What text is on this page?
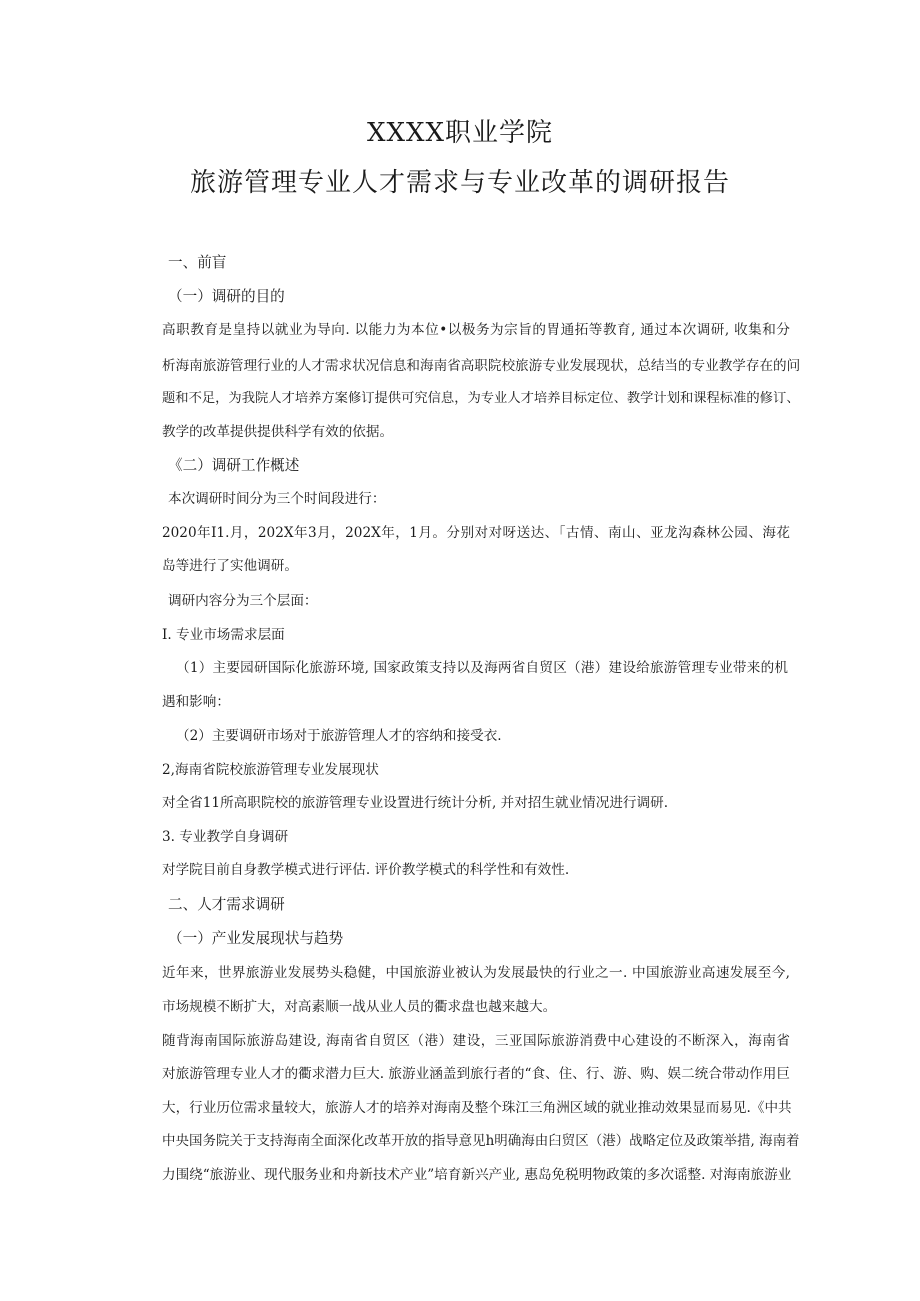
XXXX职业学院
旅游管理专业人才需求与专业改革的调研报告
一、前盲
（一）调研的目的
高职教育是皇持以就业为导向. 以能力为本位•以极务为宗旨的胃通拓等教育, 通过本次调研, 收集和分
析海南旅游管理行业的人才需求状况信息和海南省高职院校旅游专业发展现状，总结当的专业教学存在的问
题和不足，为我院人才培养方案修订提供可究信息，为专业人才培养目标定位、教学计划和课程标准的修订、
教学的改革提供提供科学有效的依据。
《二）调研工作概述
本次调研时间分为三个时间段进行：
2020年I1.月，202X年3月，202X年，1月。分别对对呀送达、「古情、南山、亚龙沟森林公园、海花
岛等进行了实他调研。
调研内容分为三个层面：
I. 专业市场需求层面
（1）主要园研国际化旅游环境, 国家政策支持以及海两省自贸区（港）建设给旅游管理专业带来的机
遇和影响：
（2）主要调研市场对于旅游管理人才的容纳和接受衣.
2,海南省院校旅游管理专业发展现状
对全省11所高职院校的旅游管理专业设置进行统计分析, 并对招生就业情况进行调研.
3. 专业教学自身调研
对学院目前自身教学模式进行评估. 评价教学模式的科学性和有效性.
二、人才需求调研
（一）产业发展现状与趋势
近年来，世界旅游业发展势头稳健，中国旅游业被认为发展最快的行业之一. 中国旅游业高速发展至今,
市场规模不断扩大，对高素顺一战从业人员的衢求盘也越来越大。
随背海南国际旅游岛建设, 海南省自贸区（港）建设，三亚国际旅游消费中心建设的不断深入，海南省
对旅游管理专业人才的衢求潜力巨大. 旅游业涵盖到旅行者的“食、住、行、游、购、娱二统合带动作用巨
大，行业历位需求量较大，旅游人才的培养对海南及整个珠江三角洲区域的就业推动效果显而易见.《中共
中央国务院关于支持海南全面深化改革开放的指导意见h明确海由臼贸区（港）战略定位及政策举措, 海南着
力围绕“旅游业、现代服务业和舟新技术产业”培育新兴产业, 惠岛免税明物政策的多次谣整. 对海南旅游业
